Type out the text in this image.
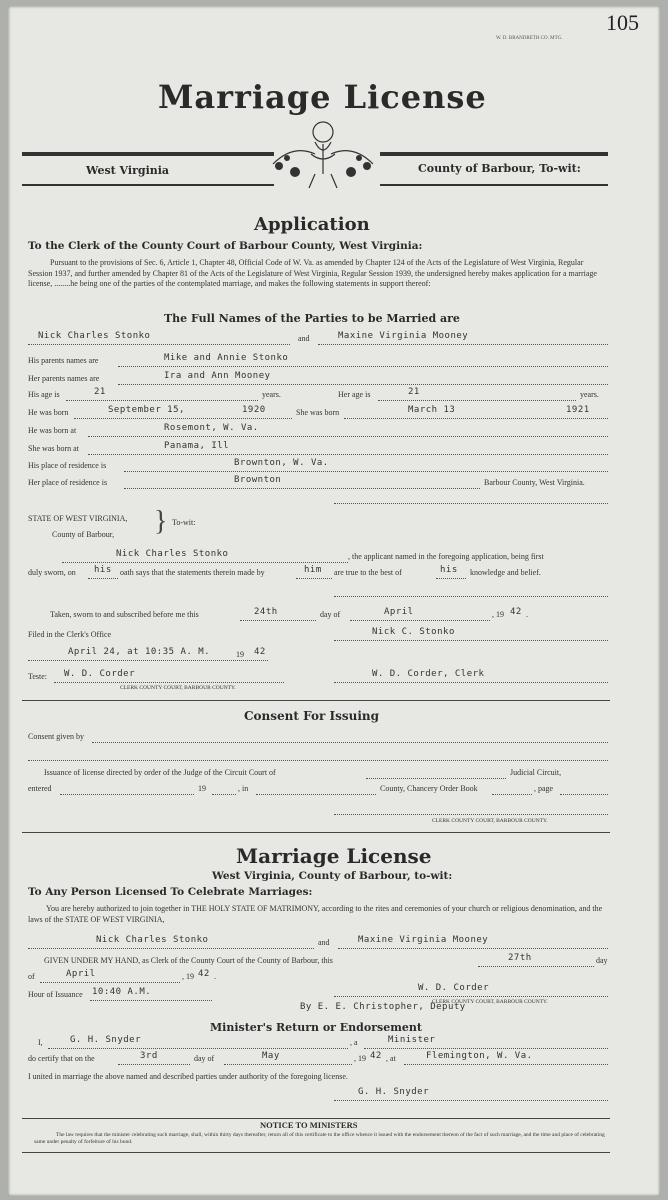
W. D. BRANDRETH CO. MTG.
105
Marriage License
West Virginia	County of Barbour, To-wit:
Application
To the Clerk of the County Court of Barbour County, West Virginia:
Pursuant to the provisions of Sec. 6, Article 1, Chapter 48, Official Code of W. Va. as amended by Chapter 124 of the Acts of the Legislature of West Virginia, Regular Session 1937, and further amended by Chapter 81 of the Acts of the Legislature of West Virginia, Regular Session 1939, the undersigned hereby makes application for a marriage license, ........he being one of the parties of the contemplated marriage, and makes the following statements in support thereof:
The Full Names of the Parties to be Married are
Nick Charles Stonko	and	Maxine Virginia Mooney
His parents names are	Mike and Annie Stonko
Her parents names are	Ira and Ann Mooney
His age is	21	years.	Her age is	21	years.
He was born	September 15,	1920	She was born	March 13	1921
He was born at	Rosemont, W. Va.
She was born at	Panama, Ill
His place of residence is	Brownton, W. Va.
Her place of residence is	Brownton	Barbour County, West Virginia.
STATE OF WEST VIRGINIA, } To-wit:
County of Barbour,
Nick Charles Stonko	, the applicant named in the foregoing application, being first
duly sworn, on his oath says that the statements therein made by	him are true to the best of	his knowledge and belief.
Taken, sworn to and subscribed before me this	24th	day of	April	, 19 42 .
Filed in the Clerk's Office	Nick C. Stonko
April 24, at 10:35 A. M.	19 42
Teste: W. D. Corder
CLERK COUNTY COURT, BARBOUR COUNTY.
W. D. Corder, Clerk
Consent For Issuing
Consent given by
Issuance of license directed by order of the Judge of the Circuit Court of	Judicial Circuit,
entered	19	, in	County, Chancery Order Book	, page
CLERK COUNTY COURT, BARBOUR COUNTY.
Marriage License
West Virginia, County of Barbour, to-wit:
To Any Person Licensed To Celebrate Marriages:
You are hereby authorized to join together in THE HOLY STATE OF MATRIMONY, according to the rites and ceremonies of your church or religious denomination, and the laws of the STATE OF WEST VIRGINIA,
Nick Charles Stonko	and	Maxine Virginia Mooney
GIVEN UNDER MY HAND, as Clerk of the County Court of the County of Barbour, this	27th	day
of	April	, 19 42 .
W. D. Corder
Hour of Issuance 10:40 A.M.
CLERK COUNTY COURT, BARBOUR COUNTY.
By E. E. Christopher, Deputy
Minister's Return or Endorsement
I,	G. H. Snyder	, a	Minister
do certify that on the	3rd	day of	May	, 19 42 , at	Flemington, W. Va.
I united in marriage the above named and described parties under authority of the foregoing license.
G. H. Snyder
NOTICE TO MINISTERS
The law requires that the minister celebrating such marriage, shall, within thirty days thereafter, return all of this certificate to the office whence it issued with the endorsement thereon of the fact of such marriage, and the time and place of celebrating same under penalty of forfeiture of his bond.
